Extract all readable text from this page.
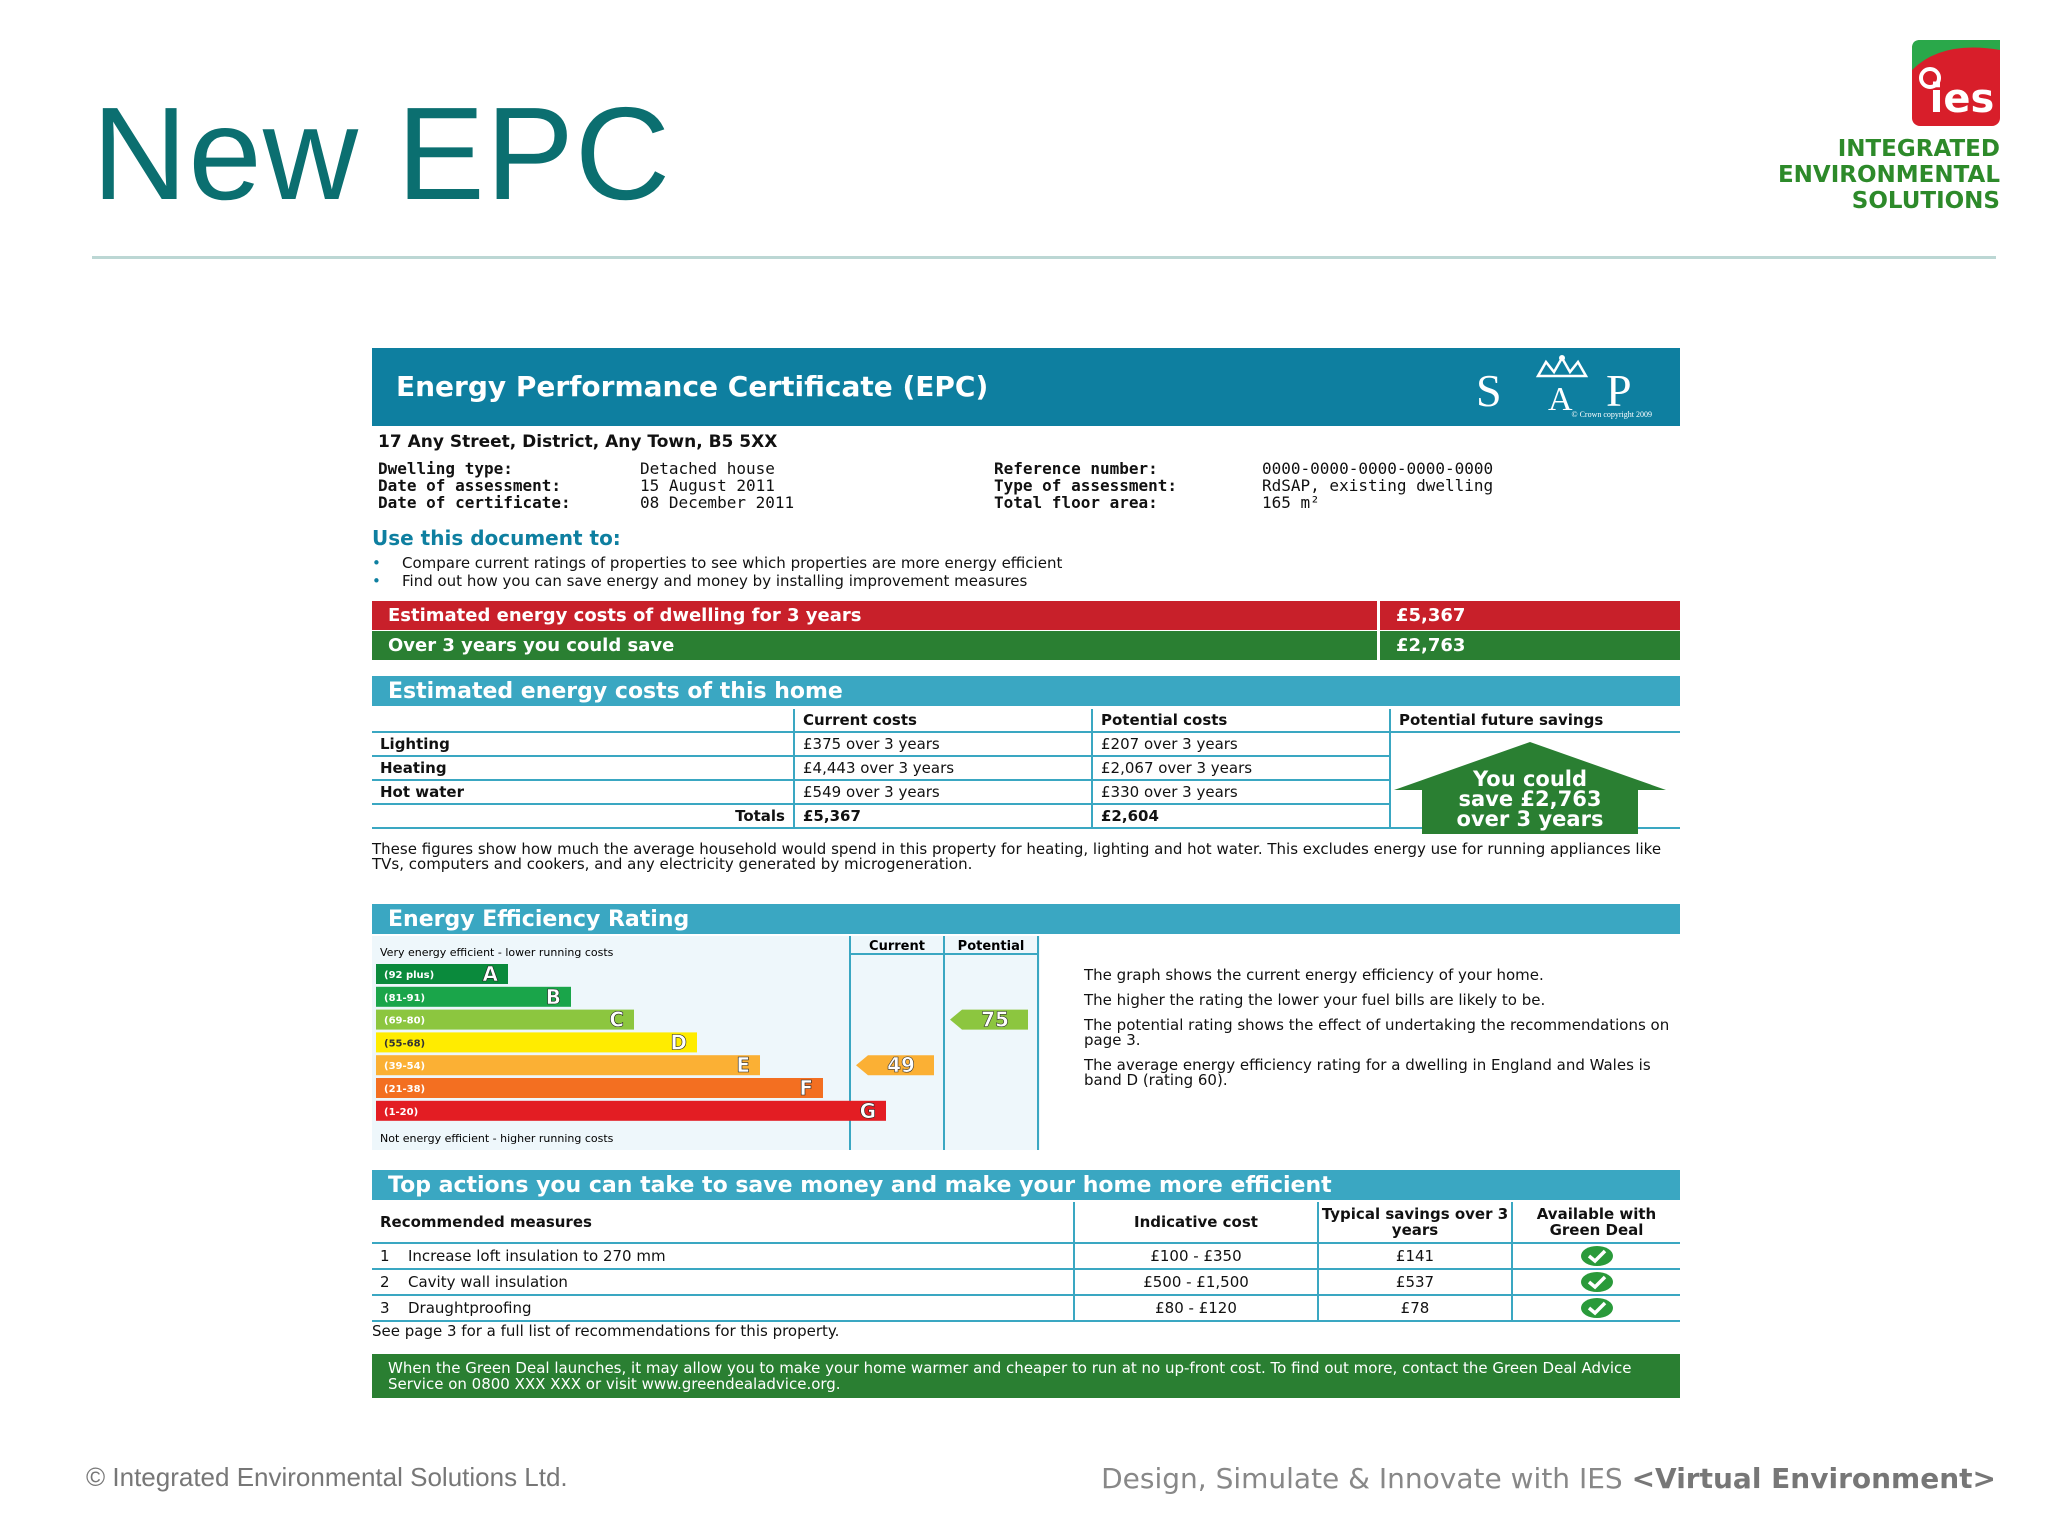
New EPC	ies
INTEGRATED
ENVIRONMENTAL
SOLUTIONS
Energy Performance Certificate (EPC)	S A P
© Crown copyright 2009
17 Any Street, District, Any Town, B5 5XX
Dwelling type:	Detached house
Date of assessment:	15 August 2011
Date of certificate:	08 December 2011
Reference number:	0000-0000-0000-0000-0000
Type of assessment:	RdSAP, existing dwelling
Total floor area:	165 m²
Use this document to:
•	Compare current ratings of properties to see which properties are more energy efficient
•	Find out how you can save energy and money by installing improvement measures
Estimated energy costs of dwelling for 3 years	£5,367
Over 3 years you could save	£2,763
Estimated energy costs of this home
	Current costs	Potential costs	Potential future savings
Lighting	£375 over 3 years	£207 over 3 years	
Heating	£4,443 over 3 years	£2,067 over 3 years	
Hot water	£549 over 3 years	£330 over 3 years	
Totals	£5,367	£2,604	
You could
save £2,763
over 3 years
These figures show how much the average household would spend in this property for heating, lighting and hot water. This excludes energy use for running appliances like TVs, computers and cookers, and any electricity generated by microgeneration.
Energy Efficiency Rating
Current	Potential
Very energy efficient - lower running costs
Not energy efficient - higher running costs
(92 plus) A
(81-91)	B
(69-80)	C
(55-68)	D
(39-54)	E
(21-38)	F
(1-20)	G
49
75

The graph shows the current energy efficiency of your home.

The higher the rating the lower your fuel bills are likely to be.

The potential rating shows the effect of undertaking the recommendations on page 3.

The average energy efficiency rating for a dwelling in England and Wales is band D (rating 60).

Top actions you can take to save money and make your home more efficient
Recommended measures	Indicative cost	Typical savings over 3 years	Available with Green Deal
1 Increase loft insulation to 270 mm	£100 - £350	£141	
2 Cavity wall insulation	£500 - £1,500	£537	
3 Draughtproofing	£80 - £120	£78	
See page 3 for a full list of recommendations for this property.
When the Green Deal launches, it may allow you to make your home warmer and cheaper to run at no up-front cost. To find out more, contact the Green Deal Advice Service on 0800 XXX XXX or visit www.greendealadvice.org.
© Integrated Environmental Solutions Ltd.	Design, Simulate & Innovate with IES <Virtual Environment>
